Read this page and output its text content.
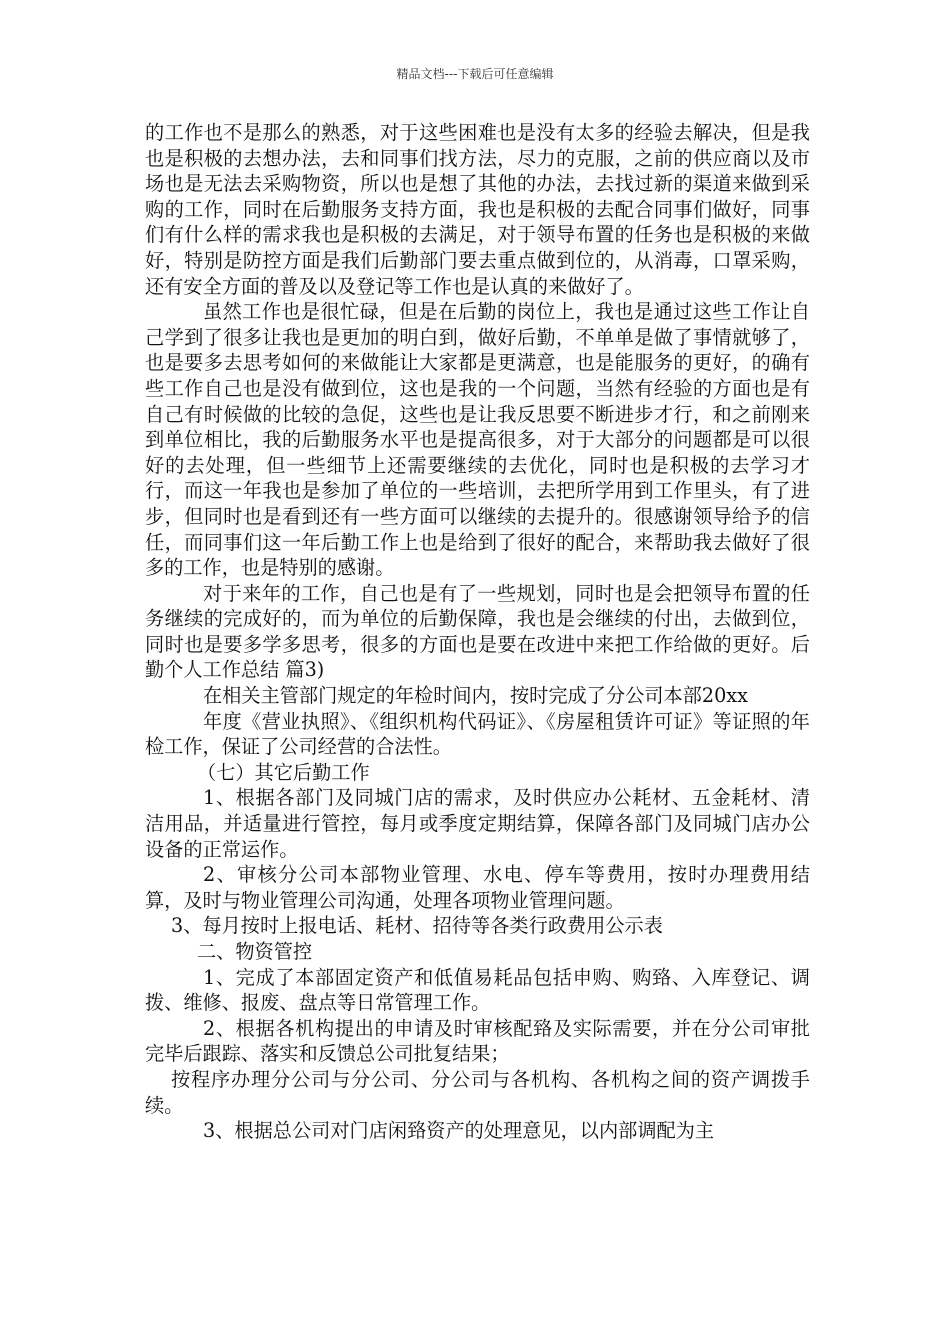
精品文档---下载后可任意编辑

的工作也不是那么的熟悉，对于这些困难也是没有太多的经验去解决，但是我也是积极的去想办法，去和同事们找方法，尽力的克服，之前的供应商以及市场也是无法去采购物资，所以也是想了其他的办法，去找过新的渠道来做到采购的工作，同时在后勤服务支持方面，我也是积极的去配合同事们做好，同事们有什么样的需求我也是积极的去满足，对于领导布置的任务也是积极的来做好，特别是防控方面是我们后勤部门要去重点做到位的，从消毒，口罩采购，还有安全方面的普及以及登记等工作也是认真的来做好了。

虽然工作也是很忙碌，但是在后勤的岗位上，我也是通过这些工作让自己学到了很多让我也是更加的明白到，做好后勤，不单单是做了事情就够了，也是要多去思考如何的来做能让大家都是更满意，也是能服务的更好，的确有些工作自己也是没有做到位，这也是我的一个问题，当然有经验的方面也是有自己有时候做的比较的急促，这些也是让我反思要不断进步才行，和之前刚来到单位相比，我的后勤服务水平也是提高很多，对于大部分的问题都是可以很好的去处理，但一些细节上还需要继续的去优化，同时也是积极的去学习才行，而这一年我也是参加了单位的一些培训，去把所学用到工作里头，有了进步，但同时也是看到还有一些方面可以继续的去提升的。很感谢领导给予的信任，而同事们这一年后勤工作上也是给到了很好的配合，来帮助我去做好了很多的工作，也是特别的感谢。

对于来年的工作，自己也是有了一些规划，同时也是会把领导布置的任务继续的完成好的，而为单位的后勤保障，我也是会继续的付出，去做到位，同时也是要多学多思考，很多的方面也是要在改进中来把工作给做的更好。后勤个人工作总结 篇3)

在相关主管部门规定的年检时间内，按时完成了分公司本部20xx

年度《营业执照》、《组织机构代码证》、《房屋租赁许可证》等证照的年检工作，保证了公司经营的合法性。

（七）其它后勤工作

1、根据各部门及同城门店的需求，及时供应办公耗材、五金耗材、清洁用品，并适量进行管控，每月或季度定期结算，保障各部门及同城门店办公设备的正常运作。

2、审核分公司本部物业管理、水电、停车等费用，按时办理费用结算，及时与物业管理公司沟通，处理各项物业管理问题。

3、每月按时上报电话、耗材、招待等各类行政费用公示表

二、物资管控

1、完成了本部固定资产和低值易耗品包括申购、购臵、入库登记、调拨、维修、报废、盘点等日常管理工作。

2、根据各机构提出的申请及时审核配臵及实际需要，并在分公司审批完毕后跟踪、落实和反馈总公司批复结果；

按程序办理分公司与分公司、分公司与各机构、各机构之间的资产调拨手续。

3、根据总公司对门店闲臵资产的处理意见，以内部调配为主
